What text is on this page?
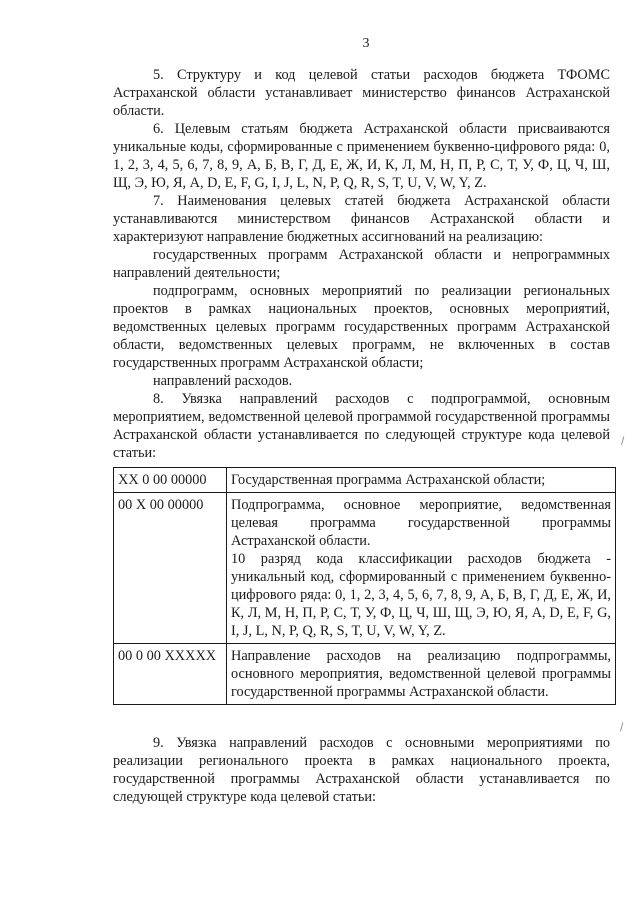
3

5. Структуру и код целевой статьи расходов бюджета ТФОМС Астраханской области устанавливает министерство финансов Астраханской области.

6. Целевым статьям бюджета Астраханской области присваиваются уникальные коды, сформированные с применением буквенно-цифрового ряда: 0, 1, 2, 3, 4, 5, 6, 7, 8, 9, А, Б, В, Г, Д, Е, Ж, И, К, Л, М, Н, П, Р, С, Т, У, Ф, Ц, Ч, Ш, Щ, Э, Ю, Я, A, D, E, F, G, I, J, L, N, P, Q, R, S, T, U, V, W, Y, Z.

7. Наименования целевых статей бюджета Астраханской области устанавливаются министерством финансов Астраханской области и характеризуют направление бюджетных ассигнований на реализацию:

государственных программ Астраханской области и непрограммных направлений деятельности;

подпрограмм, основных мероприятий по реализации региональных проектов в рамках национальных проектов, основных мероприятий, ведомственных целевых программ государственных программ Астраханской области, ведомственных целевых программ, не включенных в состав государственных программ Астраханской области;

направлений расходов.

8. Увязка направлений расходов с подпрограммой, основным мероприятием, ведомственной целевой программой государственной программы Астраханской области устанавливается по следующей структуре кода целевой статьи:

XX 0 00 00000	Государственная программа Астраханской области;

00 X 00 00000	Подпрограмма, основное мероприятие, ведомственная целевая программа государственной программы Астраханской области.
10 разряд кода классификации расходов бюджета - уникальный код, сформированный с применением буквенно-цифрового ряда: 0, 1, 2, 3, 4, 5, 6, 7, 8, 9, А, Б, В, Г, Д, Е, Ж, И, К, Л, М, Н, П, Р, С, Т, У, Ф, Ц, Ч, Ш, Щ, Э, Ю, Я, A, D, E, F, G, I, J, L, N, P, Q, R, S, T, U, V, W, Y, Z.

00 0 00 XXXXX	Направление расходов на реализацию подпрограммы, основного мероприятия, ведомственной целевой программы государственной программы Астраханской области.

9. Увязка направлений расходов с основными мероприятиями по реализации регионального проекта в рамках национального проекта, государственной программы Астраханской области устанавливается по следующей структуре кода целевой статьи:

/
/
